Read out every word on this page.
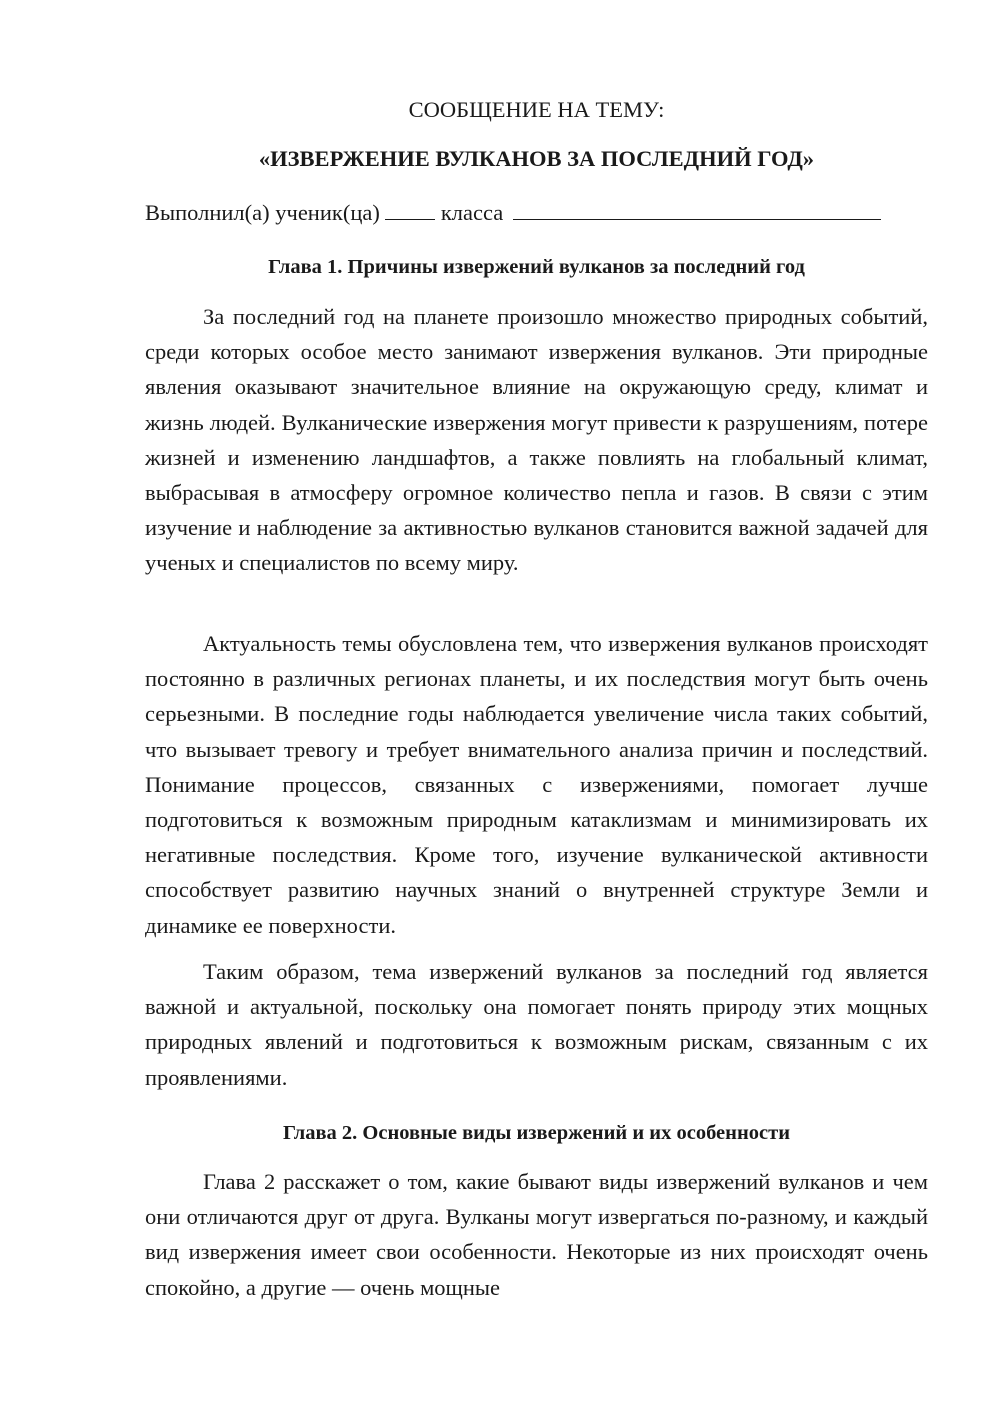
СООБЩЕНИЕ НА ТЕМУ:
«ИЗВЕРЖЕНИЕ ВУЛКАНОВ ЗА ПОСЛЕДНИЙ ГОД»
Выполнил(а) ученик(ца)	класса
Глава 1. Причины извержений вулканов за последний год

За последний год на планете произошло множество природных событий, среди которых особое место занимают извержения вулканов. Эти природные явления оказывают значительное влияние на окружающую среду, климат и жизнь людей. Вулканические извержения могут привести к разрушениям, потере жизней и изменению ландшафтов, а также повлиять на глобальный климат, выбрасывая в атмосферу огромное количество пепла и газов. В связи с этим изучение и наблюдение за активностью вулканов становится важной задачей для ученых и специалистов по всему миру.

Актуальность темы обусловлена тем, что извержения вулканов происходят постоянно в различных регионах планеты, и их последствия могут быть очень серьезными. В последние годы наблюдается увеличение числа таких событий, что вызывает тревогу и требует внимательного анализа причин и последствий. Понимание процессов, связанных с извержениями, помогает лучше подготовиться к возможным природным катаклизмам и минимизировать их негативные последствия. Кроме того, изучение вулканической активности способствует развитию научных знаний о внутренней структуре Земли и динамике ее поверхности.

Таким образом, тема извержений вулканов за последний год является важной и актуальной, поскольку она помогает понять природу этих мощных природных явлений и подготовиться к возможным рискам, связанным с их проявлениями.

Глава 2. Основные виды извержений и их особенности

Глава 2 расскажет о том, какие бывают виды извержений вулканов и чем они отличаются друг от друга. Вулканы могут извергаться по-разному, и каждый вид извержения имеет свои особенности. Некоторые из них происходят очень спокойно, а другие — очень мощные
